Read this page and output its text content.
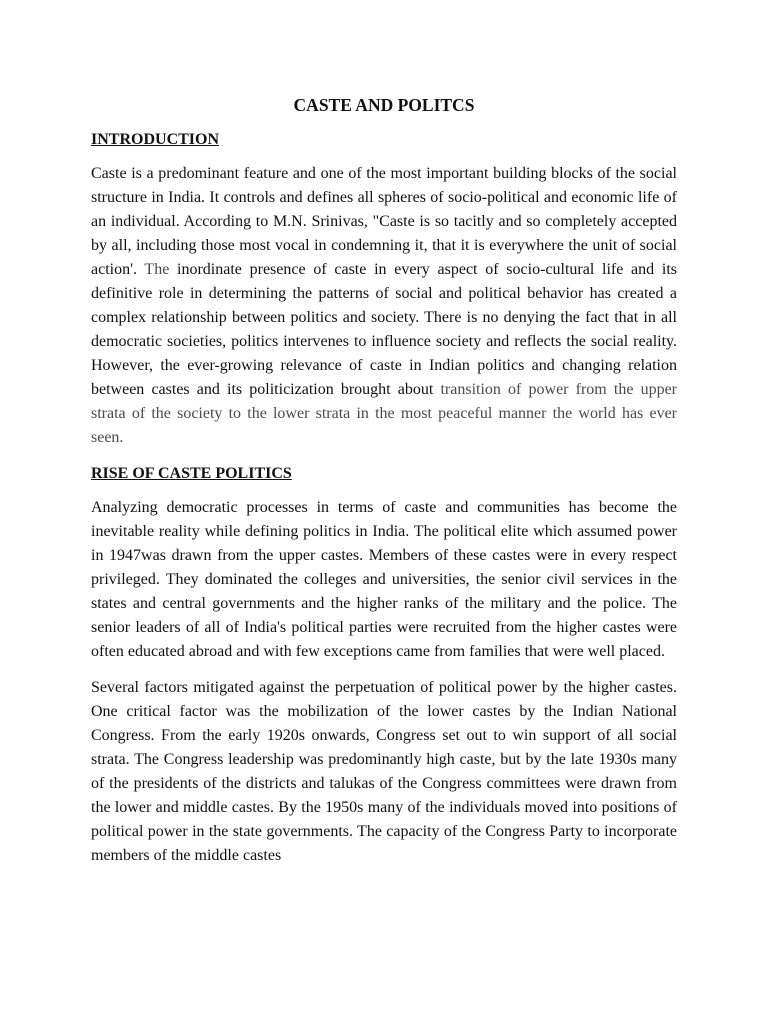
CASTE AND POLITCS
INTRODUCTION

Caste is a predominant feature and one of the most important building blocks of the social structure in India. It controls and defines all spheres of socio-political and economic life of an individual. According to M.N. Srinivas, "Caste is so tacitly and so completely accepted by all, including those most vocal in condemning it, that it is everywhere the unit of social action'. The inordinate presence of caste in every aspect of socio-cultural life and its definitive role in determining the patterns of social and political behavior has created a complex relationship between politics and society. There is no denying the fact that in all democratic societies, politics intervenes to influence society and reflects the social reality. However, the ever-growing relevance of caste in Indian politics and changing relation between castes and its politicization brought about transition of power from the upper strata of the society to the lower strata in the most peaceful manner the world has ever seen.

RISE OF CASTE POLITICS

Analyzing democratic processes in terms of caste and communities has become the inevitable reality while defining politics in India. The political elite which assumed power in 1947was drawn from the upper castes. Members of these castes were in every respect privileged. They dominated the colleges and universities, the senior civil services in the states and central governments and the higher ranks of the military and the police. The senior leaders of all of India's political parties were recruited from the higher castes were often educated abroad and with few exceptions came from families that were well placed.

Several factors mitigated against the perpetuation of political power by the higher castes. One critical factor was the mobilization of the lower castes by the Indian National Congress. From the early 1920s onwards, Congress set out to win support of all social strata. The Congress leadership was predominantly high caste, but by the late 1930s many of the presidents of the districts and talukas of the Congress committees were drawn from the lower and middle castes. By the 1950s many of the individuals moved into positions of political power in the state governments. The capacity of the Congress Party to incorporate members of the middle castes
